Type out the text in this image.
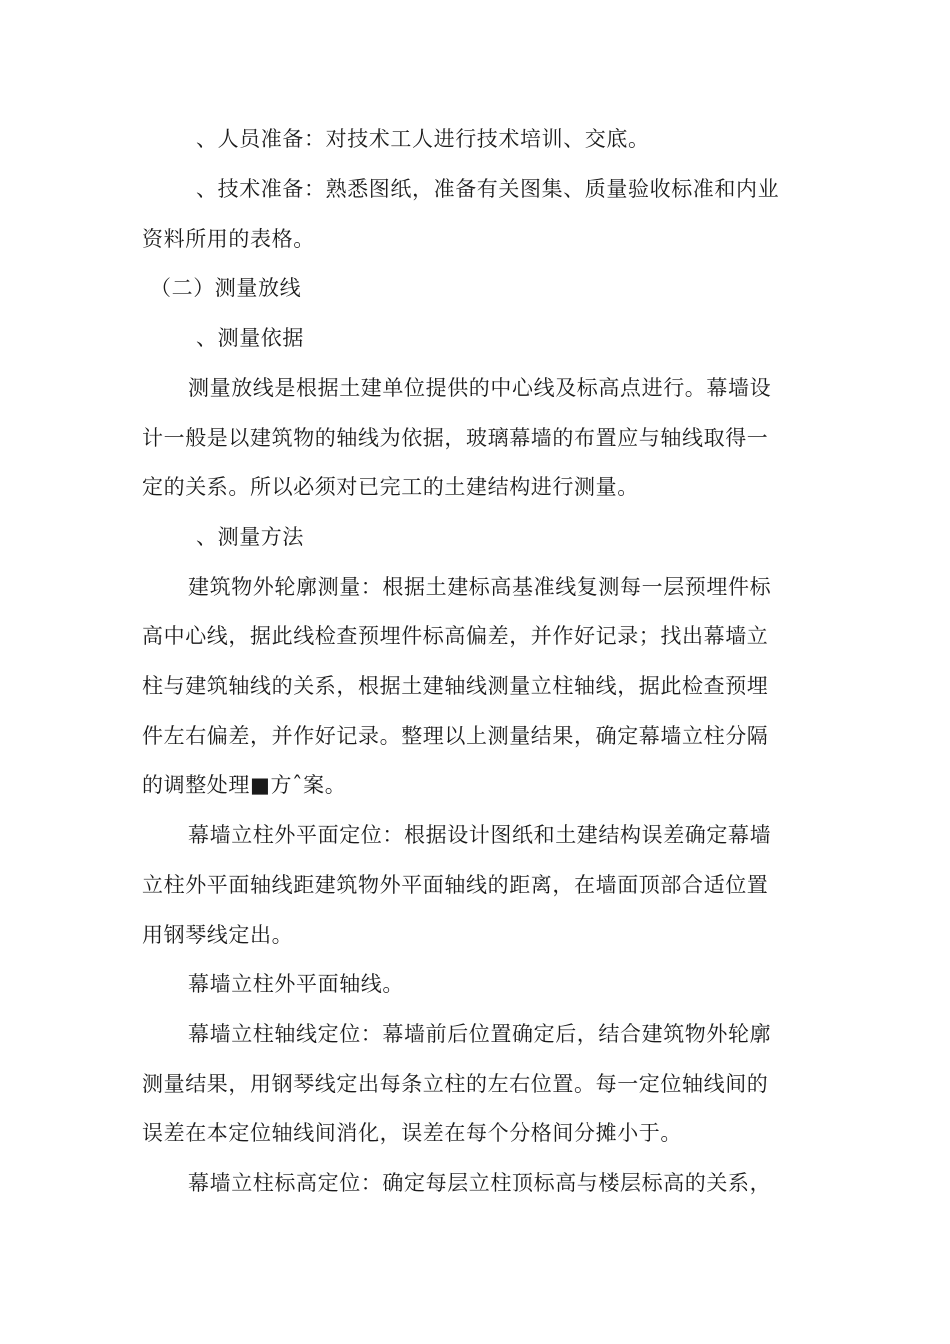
、人员准备：对技术工人进行技术培训、交底。
、技术准备：熟悉图纸，准备有关图集、质量验收标准和内业
资料所用的表格。
（二）测量放线
、测量依据
测量放线是根据土建单位提供的中心线及标高点进行。幕墙设
计一般是以建筑物的轴线为依据，玻璃幕墙的布置应与轴线取得一
定的关系。所以必须对已完工的土建结构进行测量。
、测量方法
建筑物外轮廓测量：根据土建标高基准线复测每一层预埋件标
高中心线，据此线检查预埋件标高偏差，并作好记录；找出幕墙立
柱与建筑轴线的关系，根据土建轴线测量立柱轴线，据此检查预埋
件左右偏差，并作好记录。整理以上测量结果，确定幕墙立柱分隔
的调整处理■方ˆ案。
幕墙立柱外平面定位：根据设计图纸和土建结构误差确定幕墙
立柱外平面轴线距建筑物外平面轴线的距离，在墙面顶部合适位置
用钢琴线定出。
幕墙立柱外平面轴线。
幕墙立柱轴线定位：幕墙前后位置确定后，结合建筑物外轮廓
测量结果，用钢琴线定出每条立柱的左右位置。每一定位轴线间的
误差在本定位轴线间消化，误差在每个分格间分摊小于。
幕墙立柱标高定位：确定每层立柱顶标高与楼层标高的关系，
